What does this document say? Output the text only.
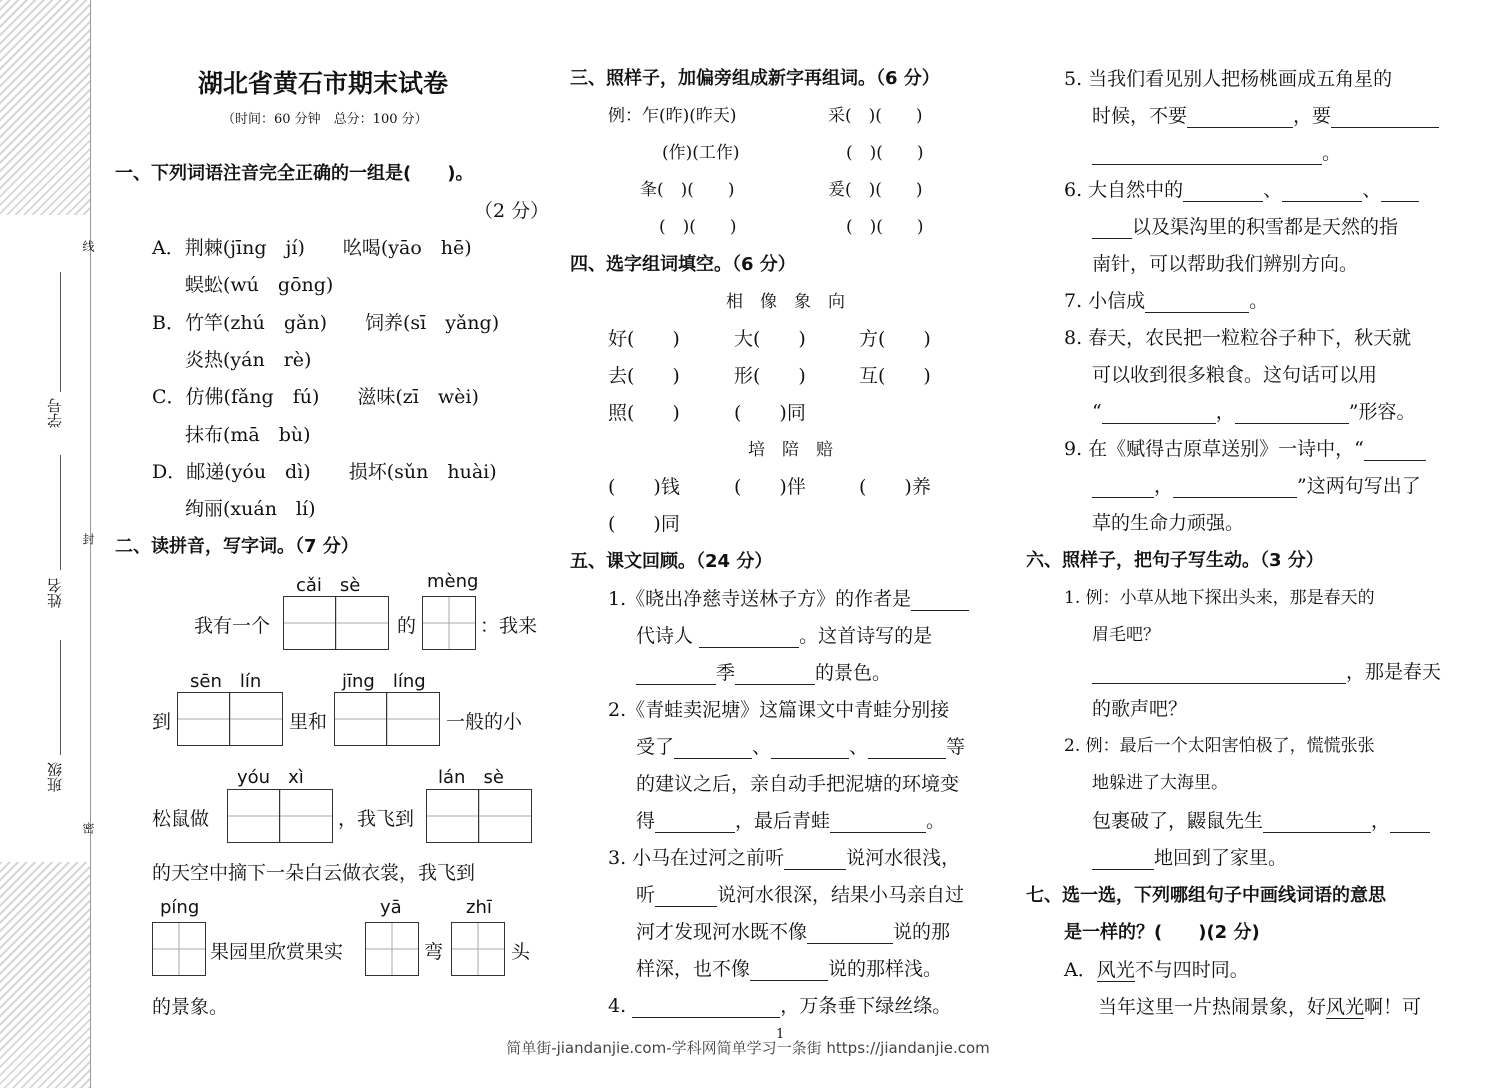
线
封
密
学号
姓名
班级
湖北省黄石市期末试卷
（时间：60 分钟　总分：100 分）
一、下列词语注音完全正确的一组是(　　)。
（2 分）
A．荆棘(jīng　jí)　　吆喝(yāo　hē)
蜈蚣(wú　gōng)
B．竹竿(zhú　gǎn)　　饲养(sī　yǎng)
炎热(yán　rè)
C．仿佛(fǎng　fú)　　滋味(zī　wèi)
抹布(mā　bù)
D．邮递(yóu　dì)　　损坏(sǔn　huài)
绚丽(xuán　lí)
二、读拼音，写字词。（7 分）
cǎi　sè	mèng
我有一个	的	：我来
sēn　lín	jīng　líng
到	里和	一般的小
yóu　xì	lán　sè
松鼠做	，我飞到
的天空中摘下一朵白云做衣裳，我飞到
píng	yā	zhī
果园里欣赏果实	弯	头
的景象。
三、照样子，加偏旁组成新字再组词。（6 分）
例：乍(昨)(昨天)	采(　)(　　)
(作)(工作)	(　)(　　)
夆(　)(　　)	爰(　)(　　)
(　)(　　)	(　)(　　)
四、选字组词填空。（6 分）
相　像　象　向
好(　　)	大(　　)	方(　　)
去(　　)	形(　　)	互(　　)
照(　　)	(　　)同
培　陪　赔
(　　)钱	(　　)伴	(　　)养
(　　)同
五、课文回顾。（24 分）
1.《晓出净慈寺送林子方》的作者是
代诗人	。这首诗写的是
季	的景色。
2.《青蛙卖泥塘》这篇课文中青蛙分别接
受了	、	、	等
的建议之后，亲自动手把泥塘的环境变
得	，最后青蛙	。
3. 小马在过河之前听	说河水很浅，
听	说河水很深，结果小马亲自过
河才发现河水既不像	说的那
样深，也不像	说的那样浅。
4.	，万条垂下绿丝绦。
5. 当我们看见别人把杨桃画成五角星的
时候，不要	，要
。
6. 大自然中的	、	、
以及渠沟里的积雪都是天然的指
南针，可以帮助我们辨别方向。
7. 小信成	。
8. 春天，农民把一粒粒谷子种下，秋天就
可以收到很多粮食。这句话可以用
“	，	”形容。
9. 在《赋得古原草送别》一诗中，“
，	”这两句写出了
草的生命力顽强。
六、照样子，把句子写生动。（3 分）
1. 例：小草从地下探出头来，那是春天的
眉毛吧？
，那是春天
的歌声吧？
2. 例：最后一个太阳害怕极了，慌慌张张
地躲进了大海里。
包裹破了，鼹鼠先生	，
地回到了家里。
七、选一选，下列哪组句子中画线词语的意思
是一样的？(　　)(2 分)
A．风光不与四时同。
当年这里一片热闹景象，好风光啊！可
1
简单街-jiandanjie.com-学科网简单学习一条街 https://jiandanjie.com
